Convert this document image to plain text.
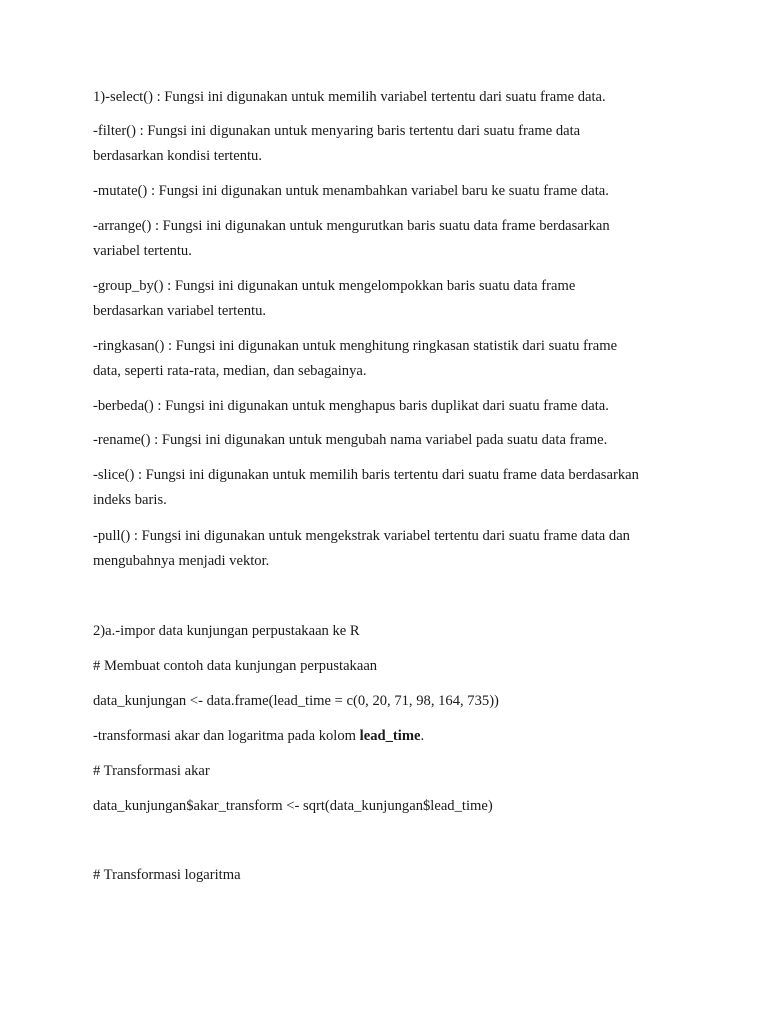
1)-select() : Fungsi ini digunakan untuk memilih variabel tertentu dari suatu frame data.

-filter() : Fungsi ini digunakan untuk menyaring baris tertentu dari suatu frame data

berdasarkan kondisi tertentu.

-mutate() : Fungsi ini digunakan untuk menambahkan variabel baru ke suatu frame data.

-arrange() : Fungsi ini digunakan untuk mengurutkan baris suatu data frame berdasarkan

variabel tertentu.

-group_by() : Fungsi ini digunakan untuk mengelompokkan baris suatu data frame

berdasarkan variabel tertentu.

-ringkasan() : Fungsi ini digunakan untuk menghitung ringkasan statistik dari suatu frame

data, seperti rata-rata, median, dan sebagainya.

-berbeda() : Fungsi ini digunakan untuk menghapus baris duplikat dari suatu frame data.

-rename() : Fungsi ini digunakan untuk mengubah nama variabel pada suatu data frame.

-slice() : Fungsi ini digunakan untuk memilih baris tertentu dari suatu frame data berdasarkan

indeks baris.

-pull() : Fungsi ini digunakan untuk mengekstrak variabel tertentu dari suatu frame data dan

mengubahnya menjadi vektor.

2)a.-impor data kunjungan perpustakaan ke R

# Membuat contoh data kunjungan perpustakaan

data_kunjungan <- data.frame(lead_time = c(0, 20, 71, 98, 164, 735))

-transformasi akar dan logaritma pada kolom lead_time.

# Transformasi akar

data_kunjungan$akar_transform <- sqrt(data_kunjungan$lead_time)

# Transformasi logaritma
